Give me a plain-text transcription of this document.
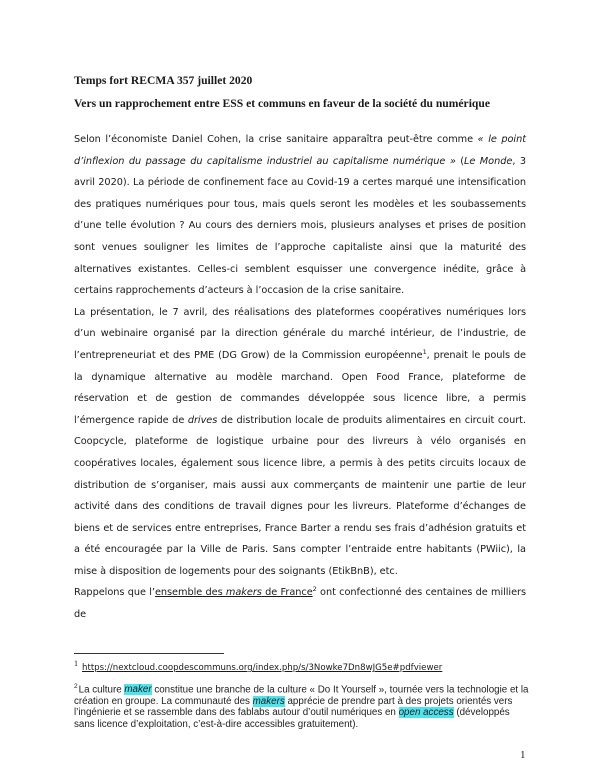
Temps fort RECMA 357 juillet 2020
Vers un rapprochement entre ESS et communs en faveur de la société du numérique

Selon l’économiste Daniel Cohen, la crise sanitaire apparaîtra peut-être comme « le point d’inflexion du passage du capitalisme industriel au capitalisme numérique » (Le Monde, 3 avril 2020). La période de confinement face au Covid-19 a certes marqué une intensification des pratiques numériques pour tous, mais quels seront les modèles et les soubassements d’une telle évolution ? Au cours des derniers mois, plusieurs analyses et prises de position sont venues souligner les limites de l’approche capitaliste ainsi que la maturité des alternatives existantes. Celles-ci semblent esquisser une convergence inédite, grâce à certains rapprochements d’acteurs à l’occasion de la crise sanitaire.

La présentation, le 7 avril, des réalisations des plateformes coopératives numériques lors d’un webinaire organisé par la direction générale du marché intérieur, de l’industrie, de l’entrepreneuriat et des PME (DG Grow) de la Commission européenne$^1$, prenait le pouls de la dynamique alternative au modèle marchand. Open Food France, plateforme de réservation et de gestion de commandes développée sous licence libre, a permis l’émergence rapide de drives de distribution locale de produits alimentaires en circuit court. Coopcycle, plateforme de logistique urbaine pour des livreurs à vélo organisés en coopératives locales, également sous licence libre, a permis à des petits circuits locaux de distribution de s’organiser, mais aussi aux commerçants de maintenir une partie de leur activité dans des conditions de travail dignes pour les livreurs. Plateforme d’échanges de biens et de services entre entreprises, France Barter a rendu ses frais d’adhésion gratuits et a été encouragée par la Ville de Paris. Sans compter l’entraide entre habitants (PWiic), la mise à disposition de logements pour des soignants (EtikBnB), etc.

Rappelons que l’ensemble des makers de France$^2$ ont confectionné des centaines de milliers de

1 https://nextcloud.coopdescommuns.org/index.php/s/3Nowke7Dn8wJG5e#pdfviewer
$^2$La culture maker constitue une branche de la culture « Do It Yourself », tournée vers la technologie et la création en groupe. La communauté des makers apprécie de prendre part à des projets orientés vers l’ingénierie et se rassemble dans des fablabs autour d’outil numériques en open access (développés sans licence d’exploitation, c’est-à-dire accessibles gratuitement).
1
